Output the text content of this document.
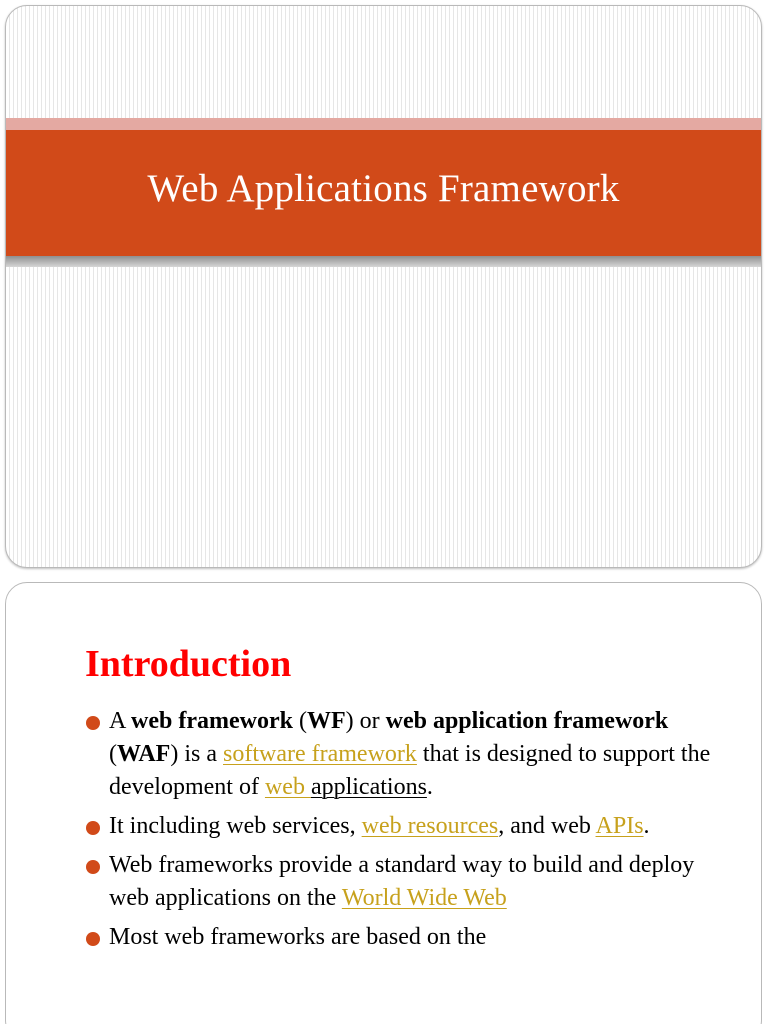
Web Applications Framework
Introduction
A web framework (WF) or web application framework (WAF) is a software framework that is designed to support the development of web applications.
It including web services, web resources, and web APIs.
Web frameworks provide a standard way to build and deploy web applications on the World Wide Web
Most web frameworks are based on the
